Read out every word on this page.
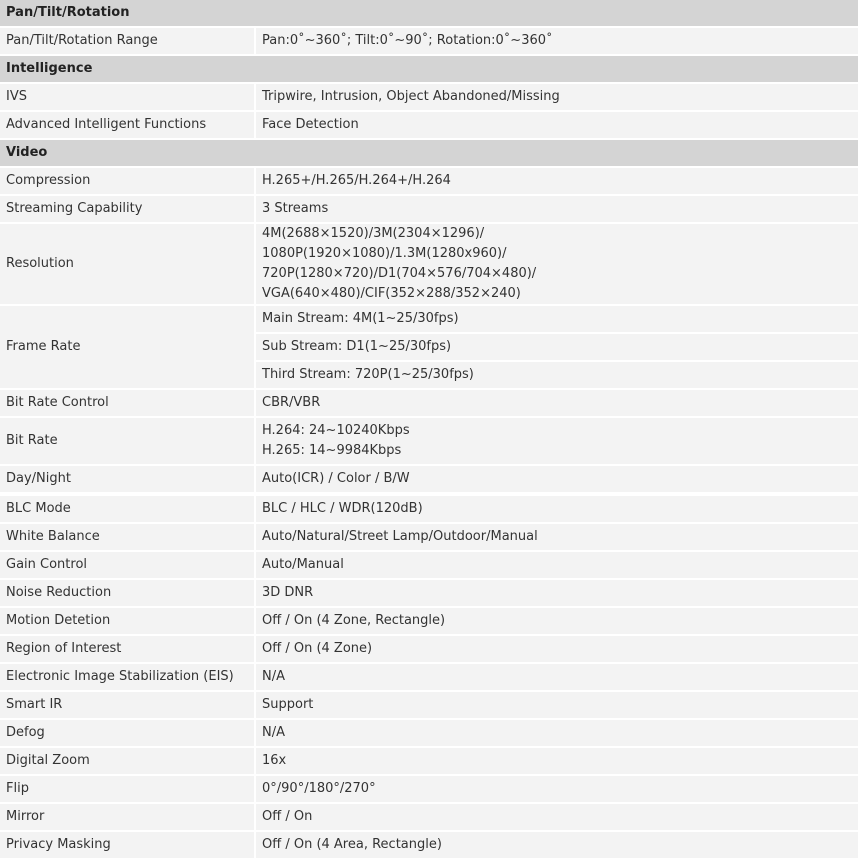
Pan/Tilt/Rotation	
Pan/Tilt/Rotation Range	Pan:0˚~360˚; Tilt:0˚~90˚; Rotation:0˚~360˚
Intelligence	
IVS	Tripwire, Intrusion, Object Abandoned/Missing
Advanced Intelligent Functions	Face Detection
Video	
Compression	H.265+/H.265/H.264+/H.264
Streaming Capability	3 Streams
Resolution	4M(2688×1520)/3M(2304×1296)/
1080P(1920×1080)/1.3M(1280x960)/
720P(1280×720)/D1(704×576/704×480)/
VGA(640×480)/CIF(352×288/352×240)

Frame Rate	Main Stream: 4M(1~25/30fps)
	Sub Stream: D1(1~25/30fps)
	Third Stream: 720P(1~25/30fps)
Bit Rate Control	CBR/VBR
Bit Rate	H.264: 24~10240Kbps
H.265: 14~9984Kbps

Day/Night	Auto(ICR) / Color / B/W

BLC Mode	BLC / HLC / WDR(120dB)
White Balance	Auto/Natural/Street Lamp/Outdoor/Manual
Gain Control	Auto/Manual
Noise Reduction	3D DNR
Motion Detetion	Off / On (4 Zone, Rectangle)
Region of Interest	Off / On (4 Zone)
Electronic Image Stabilization (EIS)	N/A
Smart IR	Support
Defog	N/A
Digital Zoom	16x
Flip	0°/90°/180°/270°
Mirror	Off / On
Privacy Masking	Off / On (4 Area, Rectangle)
